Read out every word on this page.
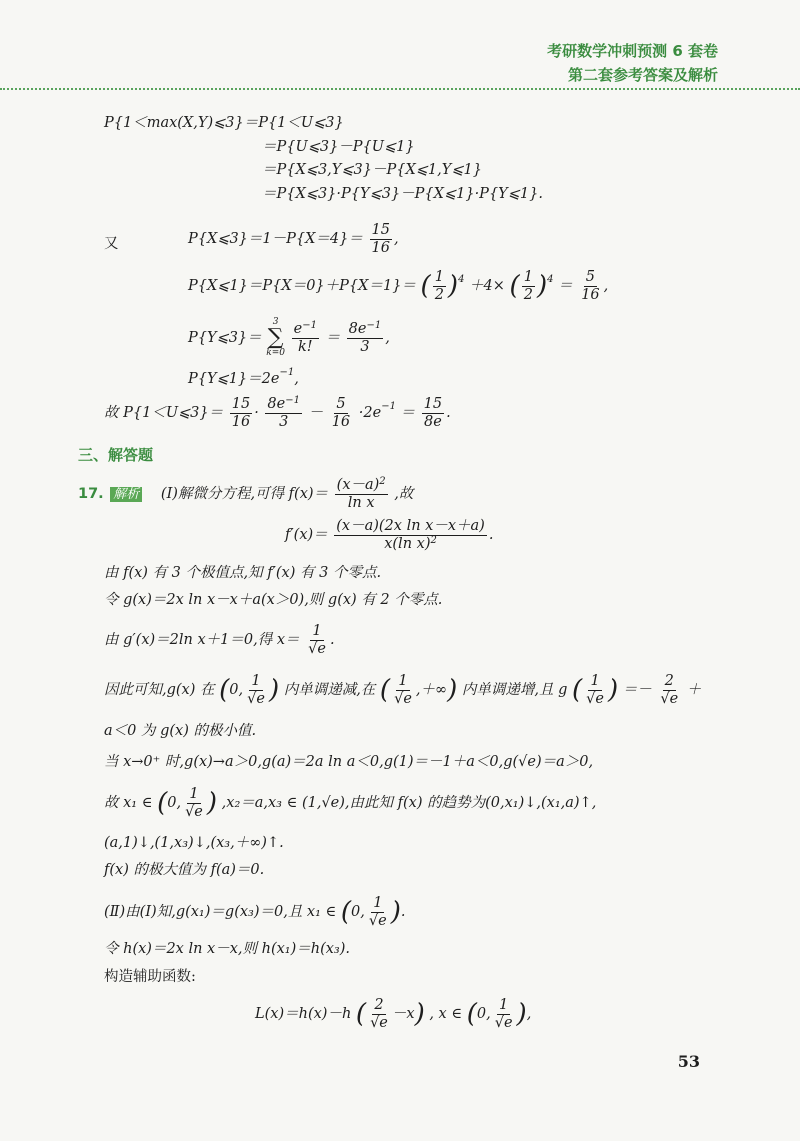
考研数学冲刺预测 6 套卷
第二套参考答案及解析
P{1＜max(X,Y)⩽3}＝P{1＜U⩽3}
＝P{U⩽3}－P{U⩽1}
＝P{X⩽3,Y⩽3}－P{X⩽1,Y⩽1}
＝P{X⩽3}·P{Y⩽3}－P{X⩽1}·P{Y⩽1}.
又	P{X⩽3}＝1－P{X＝4}＝ $\frac{15}{16}$ ,
P{X⩽1}＝P{X＝0}＋P{X＝1}＝ ( $\frac{1}{2} )^4 +4\times$ ( $\frac{1}{2} )^4 = \frac{5}{16}$ ,
P{Y⩽3}＝
3
∑
k=0
$\frac{e^{-1}}{k!} = \frac{8e^{-1}}{3}$ ,
$P\{Y⩽1\}=2e^{-1}$,
故 P{1＜U⩽3}＝ $\frac{15}{16} \cdot \frac{8e^{-1}}{3} - \frac{5}{16} \cdot 2e^{-1} = \frac{15}{8e}$ .
三、解答题
17. 解析 (Ⅰ)解微分方程,可得 $f(x)= \frac{(x-a)^2}{\text{ln x}}$ ,故
$f'(x)= \frac{\text{(x－a)(2x ln x－x＋a)}}{x(\ln x)^2}$ .
由 f(x) 有 3 个极值点,知 f′(x) 有 3 个零点.
令 g(x)＝2x ln x－x＋a(x＞0),则 g(x) 有 2 个零点.
由 g′(x)＝2ln x＋1＝0,得 $x= \frac{1}{√e}$ .
因此可知,g(x) 在 (0, $\frac{1}{√e}$ ) 内单调递减,在 ( $\frac{1}{√e}$ ,＋∞) 内单调递增,且 g ( $\frac{1}{√e}$ ) ＝－ $\frac{2}{√e}$ ＋
a＜0 为 g(x) 的极小值.
当 x→0⁺ 时,g(x)→a＞0,g(a)＝2a ln a＜0,g(1)＝－1＋a＜0,g(√e)＝a＞0,
故 x₁ ∈ (0, $\frac{1}{√e}$ ) ,x₂＝a,x₃ ∈ (1,√e),由此知 f(x) 的趋势为(0,x₁)↓,(x₁,a)↑,
(a,1)↓,(1,x₃)↓,(x₃,＋∞)↑.
f(x) 的极大值为 f(a)＝0.
(Ⅱ)由(Ⅰ)知,g(x₁)＝g(x₃)＝0,且 x₁ ∈ (0, $\frac{1}{√e}$ ).
令 h(x)＝2x ln x－x,则 h(x₁)＝h(x₃).
构造辅助函数:
L(x)＝h(x)－h ( $\frac{2}{√e} -x$) , x ∈ (0, $\frac{1}{√e}$ ),
53
